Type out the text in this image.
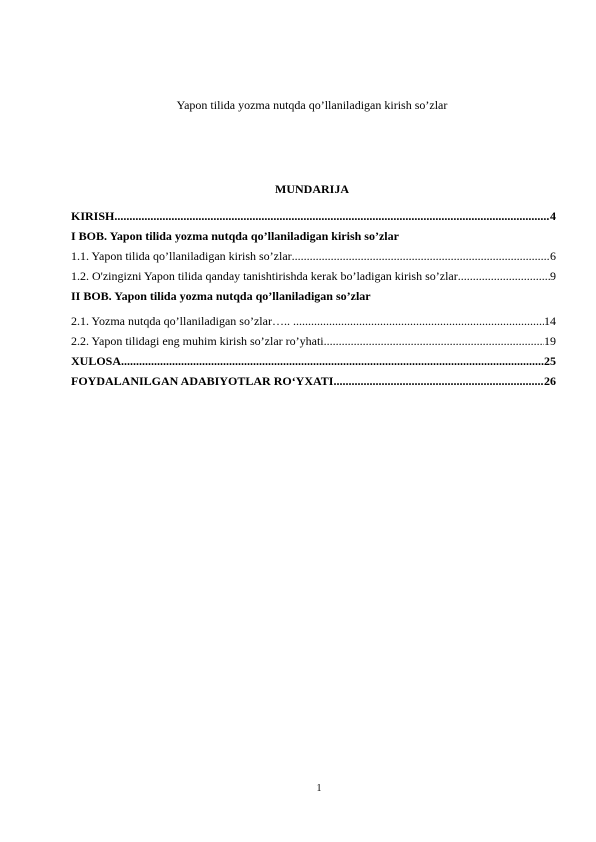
Yapon tilida yozma nutqda qo’llaniladigan kirish so’zlar
MUNDARIJA
KIRISH .....	4
I BOB. Yapon tilida yozma nutqda qo’llaniladigan kirish so’zlar
1.1. Yapon tilida qo’llaniladigan kirish so’zlar .....	6
1.2. O'zingizni Yapon tilida qanday tanishtirishda kerak bo’ladigan kirish so’zlar .....	9
II BOB. Yapon tilida yozma nutqda qo’llaniladigan so’zlar
2.1. Yozma nutqda qo’llaniladigan so’zlar….. . .....	14
2.2. Yapon tilidagi eng muhim kirish so’zlar ro’yhati .....	19
XULOSA .....	25
FOYDALANILGAN ADABIYOTLAR RO‘YXATI .....	26
1
